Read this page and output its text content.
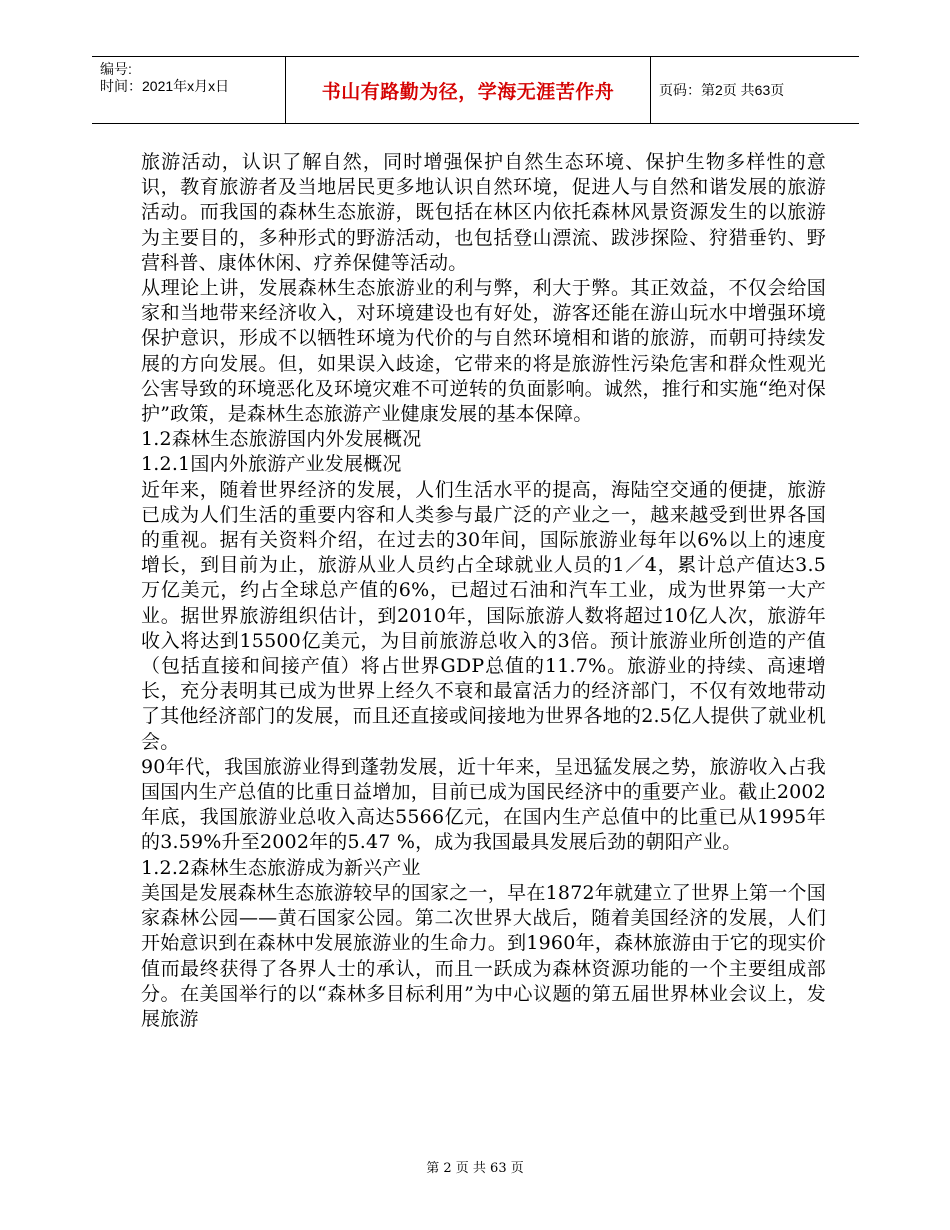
编号:
时间：2021年x月x日	书山有路勤为径，学海无涯苦作舟	页码：第2页 共63页

旅游活动，认识了解自然，同时增强保护自然生态环境、保护生物多样性的意识，教育旅游者及当地居民更多地认识自然环境，促进人与自然和谐发展的旅游活动。而我国的森林生态旅游，既包括在林区内依托森林风景资源发生的以旅游为主要目的，多种形式的野游活动，也包括登山漂流、跋涉探险、狩猎垂钓、野营科普、康体休闲、疗养保健等活动。

从理论上讲，发展森林生态旅游业的利与弊，利大于弊。其正效益，不仅会给国家和当地带来经济收入，对环境建设也有好处，游客还能在游山玩水中增强环境保护意识，形成不以牺牲环境为代价的与自然环境相和谐的旅游，而朝可持续发展的方向发展。但，如果误入歧途，它带来的将是旅游性污染危害和群众性观光公害导致的环境恶化及环境灾难不可逆转的负面影响。诚然，推行和实施“绝对保护”政策，是森林生态旅游产业健康发展的基本保障。

1.2森林生态旅游国内外发展概况

1.2.1国内外旅游产业发展概况

近年来，随着世界经济的发展，人们生活水平的提高，海陆空交通的便捷，旅游已成为人们生活的重要内容和人类参与最广泛的产业之一，越来越受到世界各国的重视。据有关资料介绍，在过去的30年间，国际旅游业每年以6%以上的速度增长，到目前为止，旅游从业人员约占全球就业人员的1／4，累计总产值达3.5万亿美元，约占全球总产值的6%，已超过石油和汽车工业，成为世界第一大产业。据世界旅游组织估计，到2010年，国际旅游人数将超过10亿人次，旅游年收入将达到15500亿美元，为目前旅游总收入的3倍。预计旅游业所创造的产值（包括直接和间接产值）将占世界GDP总值的11.7%。旅游业的持续、高速增长，充分表明其已成为世界上经久不衰和最富活力的经济部门，不仅有效地带动了其他经济部门的发展，而且还直接或间接地为世界各地的2.5亿人提供了就业机会。

90年代，我国旅游业得到蓬勃发展，近十年来，呈迅猛发展之势，旅游收入占我国国内生产总值的比重日益增加，目前已成为国民经济中的重要产业。截止2002年底，我国旅游业总收入高达5566亿元，在国内生产总值中的比重已从1995年的3.59%升至2002年的5.47 %，成为我国最具发展后劲的朝阳产业。

1.2.2森林生态旅游成为新兴产业

美国是发展森林生态旅游较早的国家之一，早在1872年就建立了世界上第一个国家森林公园——黄石国家公园。第二次世界大战后，随着美国经济的发展，人们开始意识到在森林中发展旅游业的生命力。到1960年，森林旅游由于它的现实价值而最终获得了各界人士的承认，而且一跃成为森林资源功能的一个主要组成部分。在美国举行的以“森林多目标利用”为中心议题的第五届世界林业会议上，发展旅游

第 2 页 共 63 页
